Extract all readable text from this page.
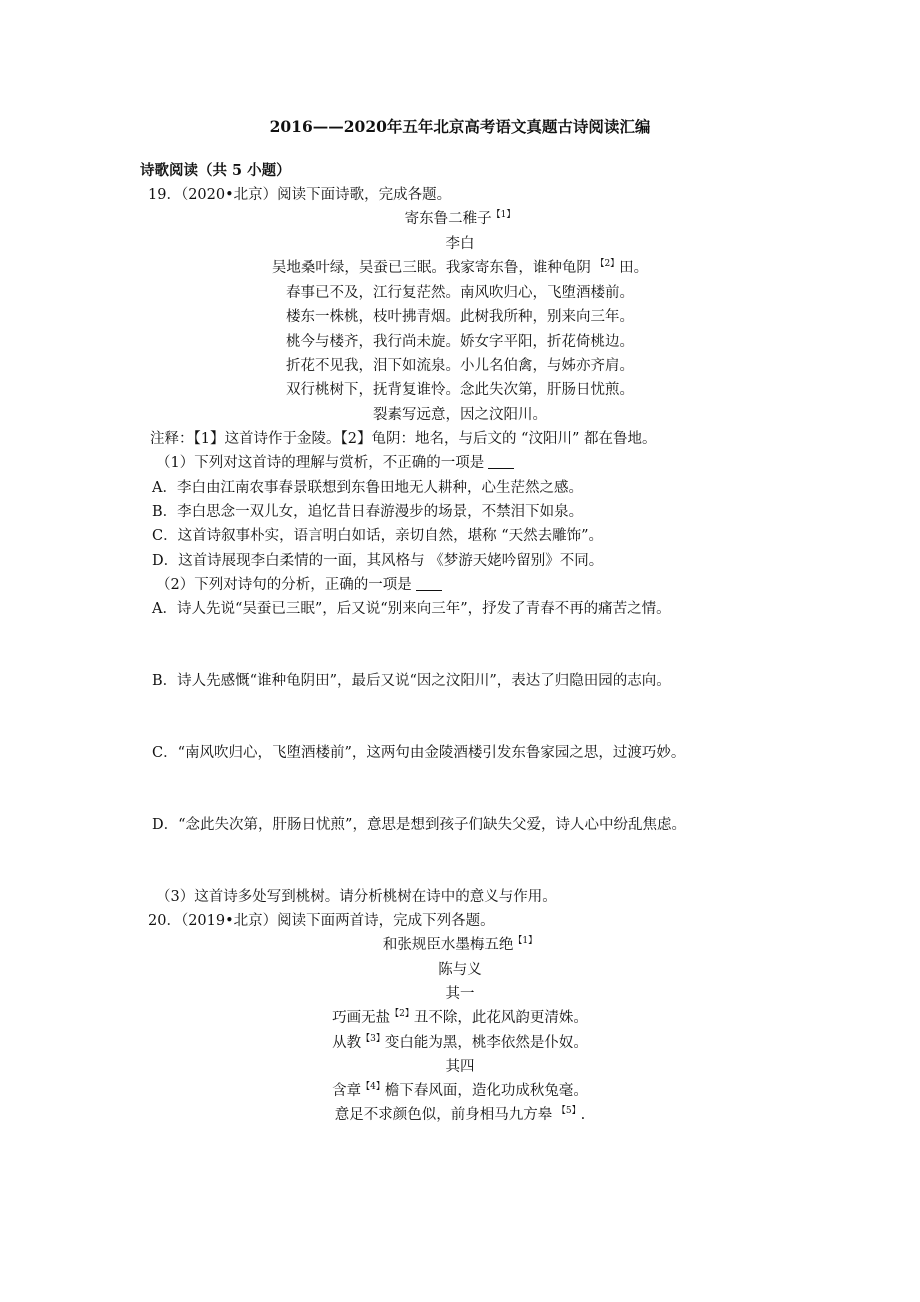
2016——2020年五年北京高考语文真题古诗阅读汇编
诗歌阅读（共 5 小题）
19．（2020•北京）阅读下面诗歌，完成各题。
寄东鲁二稚子$^{【1】}$
李白
吴地桑叶绿，吴蚕已三眠。我家寄东鲁，谁种龟阴 $^{【2】}$田。
春事已不及，江行复茫然。南风吹归心，飞堕酒楼前。
楼东一株桃，枝叶拂青烟。此树我所种，别来向三年。
桃今与楼齐，我行尚未旋。娇女字平阳，折花倚桃边。
折花不见我，泪下如流泉。小儿名伯禽，与姊亦齐肩。
双行桃树下，抚背复谁怜。念此失次第，肝肠日忧煎。
裂素写远意，因之汶阳川。
注释：【1】这首诗作于金陵。【2】龟阴：地名，与后文的 “汶阳川” 都在鲁地。
（1）下列对这首诗的理解与赏析，不正确的一项是
A．李白由江南农事春景联想到东鲁田地无人耕种，心生茫然之感。
B．李白思念一双儿女，追忆昔日春游漫步的场景，不禁泪下如泉。
C．这首诗叙事朴实，语言明白如话，亲切自然，堪称 “天然去雕饰”。
D．这首诗展现李白柔情的一面，其风格与 《梦游天姥吟留别》不同。
（2）下列对诗句的分析，正确的一项是
A．诗人先说“吴蚕已三眠”，后又说“别来向三年”，抒发了青春不再的痛苦之情。
B．诗人先感慨“谁种龟阴田”，最后又说“因之汶阳川”，表达了归隐田园的志向。
C．“南风吹归心，飞堕酒楼前”，这两句由金陵酒楼引发东鲁家园之思，过渡巧妙。
D．“念此失次第，肝肠日忧煎”，意思是想到孩子们缺失父爱，诗人心中纷乱焦虑。
（3）这首诗多处写到桃树。请分析桃树在诗中的意义与作用。
20．（2019•北京）阅读下面两首诗，完成下列各题。
和张规臣水墨梅五绝$^{【1】}$
陈与义
其一
巧画无盐$^{【2】}$丑不除，此花风韵更清姝。
从教$^{【3】}$变白能为黑，桃李依然是仆奴。
其四
含章$^{【4】}$檐下春风面，造化功成秋兔毫。
意足不求颜色似，前身相马九方皋 $^{【5】}$.
